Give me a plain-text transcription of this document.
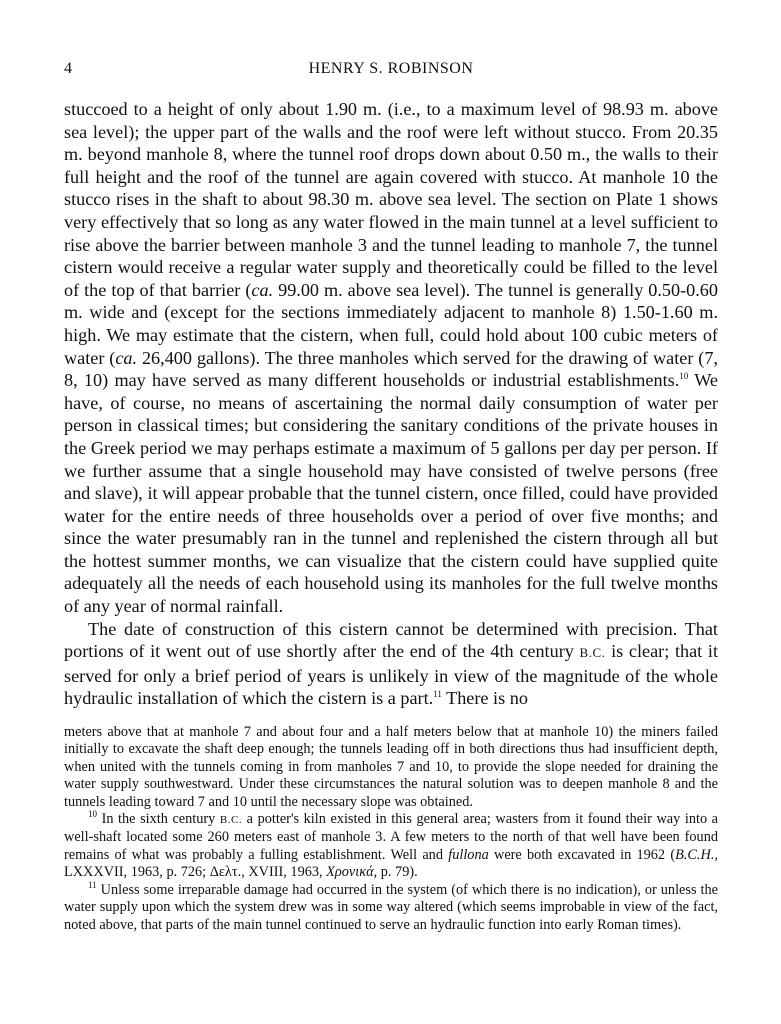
4	HENRY S. ROBINSON

stuccoed to a height of only about 1.90 m. (i.e., to a maximum level of 98.93 m. above sea level); the upper part of the walls and the roof were left without stucco. From 20.35 m. beyond manhole 8, where the tunnel roof drops down about 0.50 m., the walls to their full height and the roof of the tunnel are again covered with stucco. At manhole 10 the stucco rises in the shaft to about 98.30 m. above sea level. The section on Plate 1 shows very effectively that so long as any water flowed in the main tunnel at a level sufficient to rise above the barrier between manhole 3 and the tunnel leading to manhole 7, the tunnel cistern would receive a regular water supply and theoretically could be filled to the level of the top of that barrier (ca. 99.00 m. above sea level). The tunnel is generally 0.50-0.60 m. wide and (except for the sections immediately adjacent to manhole 8) 1.50-1.60 m. high. We may estimate that the cistern, when full, could hold about 100 cubic meters of water (ca. 26,400 gallons). The three manholes which served for the drawing of water (7, 8, 10) may have served as many different households or industrial establishments.$^{10}$ We have, of course, no means of ascertaining the normal daily consumption of water per person in classical times; but considering the sanitary conditions of the private houses in the Greek period we may perhaps estimate a maximum of 5 gallons per day per person. If we further assume that a single household may have consisted of twelve persons (free and slave), it will appear probable that the tunnel cistern, once filled, could have provided water for the entire needs of three households over a period of over five months; and since the water presumably ran in the tunnel and replenished the cistern through all but the hottest summer months, we can visualize that the cistern could have supplied quite adequately all the needs of each household using its manholes for the full twelve months of any year of normal rainfall.

The date of construction of this cistern cannot be determined with precision. That portions of it went out of use shortly after the end of the 4th century B.C. is clear; that it served for only a brief period of years is unlikely in view of the magnitude of the whole hydraulic installation of which the cistern is a part.$^{11}$ There is no

meters above that at manhole 7 and about four and a half meters below that at manhole 10) the miners failed initially to excavate the shaft deep enough; the tunnels leading off in both directions thus had insufficient depth, when united with the tunnels coming in from manholes 7 and 10, to provide the slope needed for draining the water supply southwestward. Under these circumstances the natural solution was to deepen manhole 8 and the tunnels leading toward 7 and 10 until the necessary slope was obtained.

$^{10}$ In the sixth century B.C. a potter's kiln existed in this general area; wasters from it found their way into a well-shaft located some 260 meters east of manhole 3. A few meters to the north of that well have been found remains of what was probably a fulling establishment. Well and fullona were both excavated in 1962 (B.C.H., LXXXVII, 1963, p. 726; Δελτ., XVIII, 1963, Χρονικά, p. 79).

$^{11}$ Unless some irreparable damage had occurred in the system (of which there is no indication), or unless the water supply upon which the system drew was in some way altered (which seems improbable in view of the fact, noted above, that parts of the main tunnel continued to serve an hydraulic function into early Roman times).
